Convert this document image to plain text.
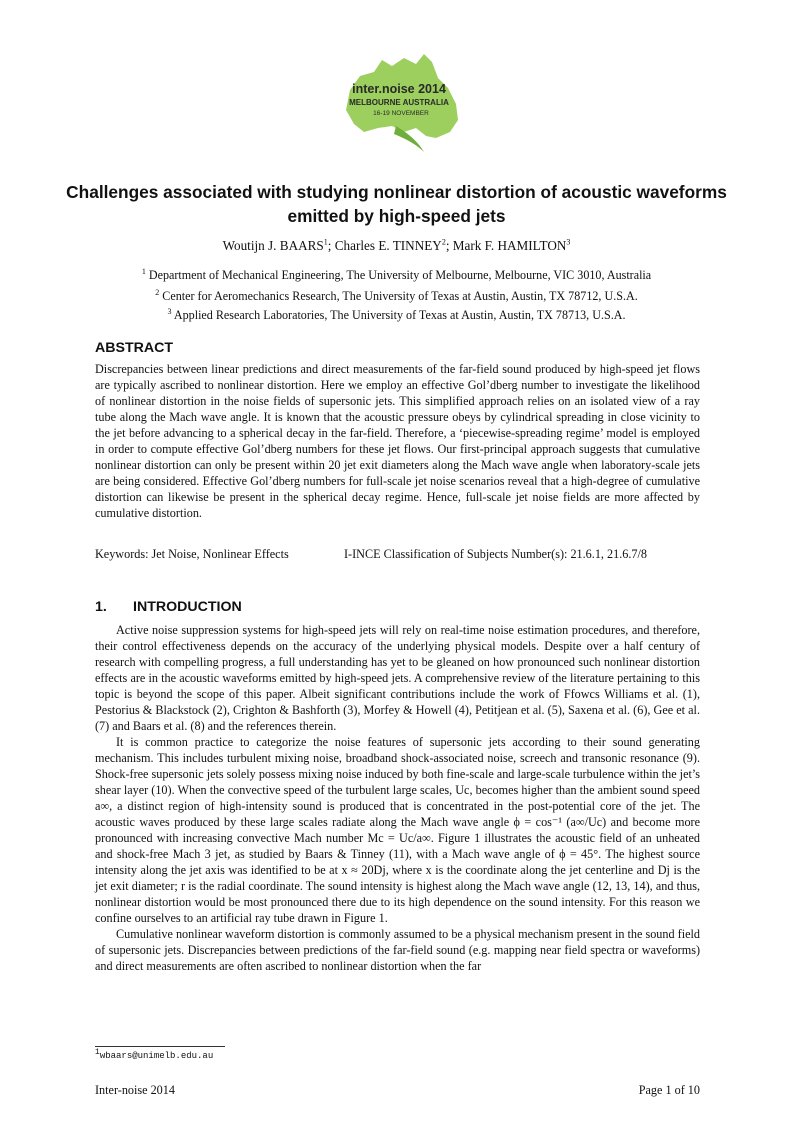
inter.noise 2014
MELBOURNE AUSTRALIA
16-19 NOVEMBER
Challenges associated with studying nonlinear distortion of acoustic waveforms emitted by high-speed jets
Woutijn J. BAARS$^1$; Charles E. TINNEY$^2$; Mark F. HAMILTON$^3$
$^1$ Department of Mechanical Engineering, The University of Melbourne, Melbourne, VIC 3010, Australia
$^2$ Center for Aeromechanics Research, The University of Texas at Austin, Austin, TX 78712, U.S.A.
$^3$ Applied Research Laboratories, The University of Texas at Austin, Austin, TX 78713, U.S.A.
ABSTRACT

Discrepancies between linear predictions and direct measurements of the far-field sound produced by high-speed jet flows are typically ascribed to nonlinear distortion. Here we employ an effective Gol’dberg number to investigate the likelihood of nonlinear distortion in the noise fields of supersonic jets. This simplified approach relies on an isolated view of a ray tube along the Mach wave angle. It is known that the acoustic pressure obeys by cylindrical spreading in close vicinity to the jet before advancing to a spherical decay in the far-field. Therefore, a ‘piecewise-spreading regime’ model is employed in order to compute effective Gol’dberg numbers for these jet flows. Our first-principal approach suggests that cumulative nonlinear distortion can only be present within 20 jet exit diameters along the Mach wave angle when laboratory-scale jets are being considered. Effective Gol’dberg numbers for full-scale jet noise scenarios reveal that a high-degree of cumulative distortion can likewise be present in the spherical decay regime. Hence, full-scale jet noise fields are more affected by cumulative distortion.

Keywords: Jet Noise, Nonlinear Effects	I-INCE Classification of Subjects Number(s): 21.6.1, 21.6.7/8
1. INTRODUCTION

Active noise suppression systems for high-speed jets will rely on real-time noise estimation procedures, and therefore, their control effectiveness depends on the accuracy of the underlying physical models. Despite over a half century of research with compelling progress, a full understanding has yet to be gleaned on how pronounced such nonlinear distortion effects are in the acoustic waveforms emitted by high-speed jets. A comprehensive review of the literature pertaining to this topic is beyond the scope of this paper. Albeit significant contributions include the work of Ffowcs Williams et al. (1), Pestorius & Blackstock (2), Crighton & Bashforth (3), Morfey & Howell (4), Petitjean et al. (5), Saxena et al. (6), Gee et al. (7) and Baars et al. (8) and the references therein.

It is common practice to categorize the noise features of supersonic jets according to their sound generating mechanism. This includes turbulent mixing noise, broadband shock-associated noise, screech and transonic resonance (9). Shock-free supersonic jets solely possess mixing noise induced by both fine-scale and large-scale turbulence within the jet’s shear layer (10). When the convective speed of the turbulent large scales, Uc, becomes higher than the ambient sound speed a∞, a distinct region of high-intensity sound is produced that is concentrated in the post-potential core of the jet. The acoustic waves produced by these large scales radiate along the Mach wave angle ϕ = cos⁻¹ (a∞/Uc) and become more pronounced with increasing convective Mach number Mc = Uc/a∞. Figure 1 illustrates the acoustic field of an unheated and shock-free Mach 3 jet, as studied by Baars & Tinney (11), with a Mach wave angle of ϕ = 45°. The highest source intensity along the jet axis was identified to be at x ≈ 20Dj, where x is the coordinate along the jet centerline and Dj is the jet exit diameter; r is the radial coordinate. The sound intensity is highest along the Mach wave angle (12, 13, 14), and thus, nonlinear distortion would be most pronounced there due to its high dependence on the sound intensity. For this reason we confine ourselves to an artificial ray tube drawn in Figure 1.

Cumulative nonlinear waveform distortion is commonly assumed to be a physical mechanism present in the sound field of supersonic jets. Discrepancies between predictions of the far-field sound (e.g. mapping near field spectra or waveforms) and direct measurements are often ascribed to nonlinear distortion when the far

$^1$wbaars@unimelb.edu.au
Inter-noise 2014	Page 1 of 10
